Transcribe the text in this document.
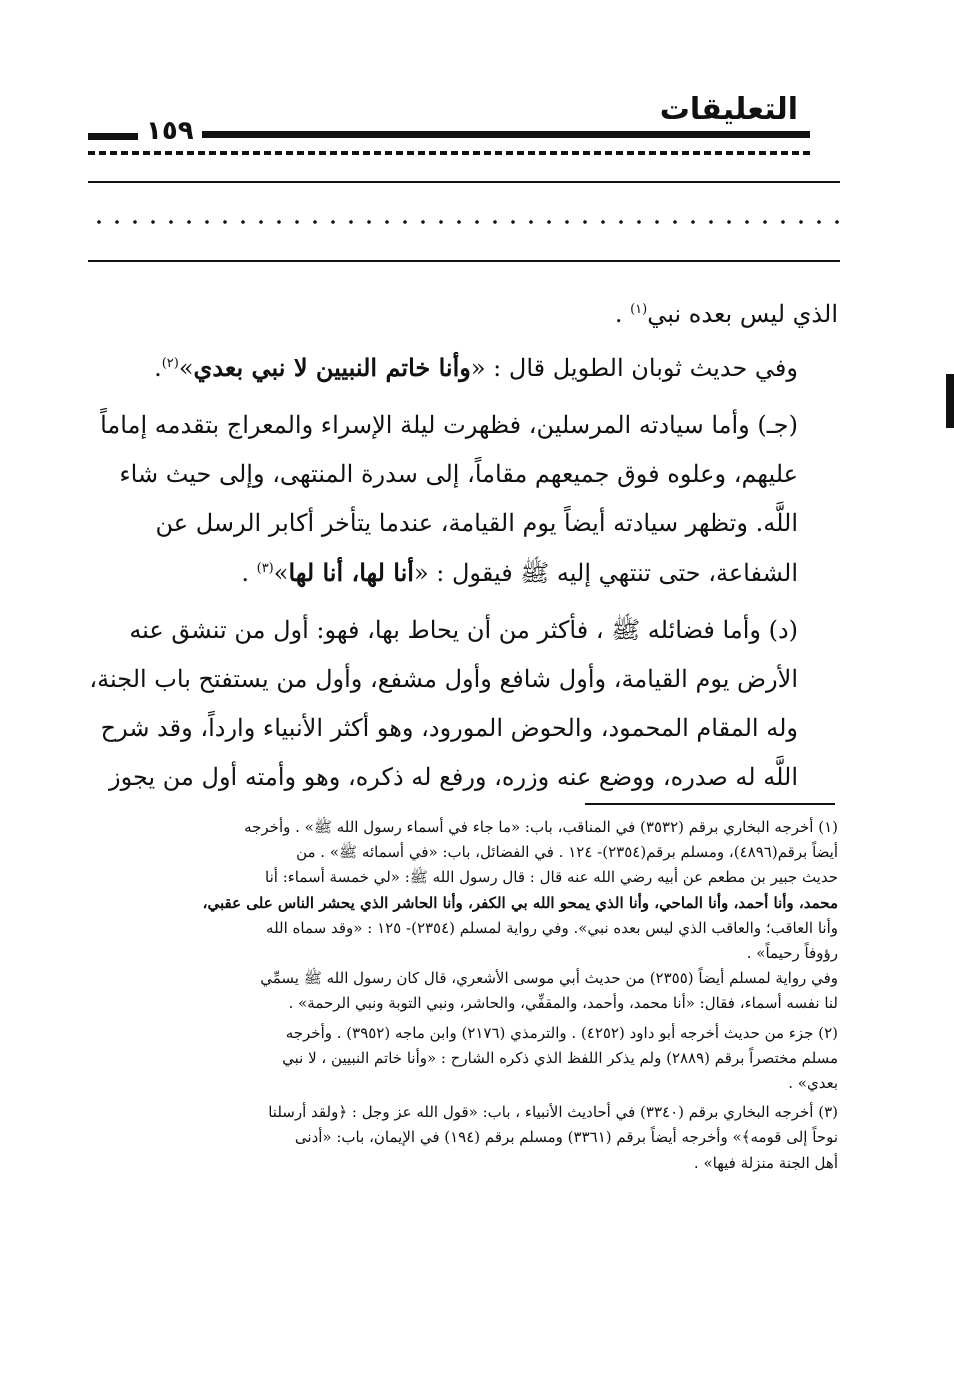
التعليقات
١٥٩

الذي ليس بعده نبي$^{(١)}$ .

وفي حديث ثوبان الطويل قال : «وأنا خاتم النبيين لا نبي بعدي»$^{(٢)}$.

(جـ) وأما سيادته المرسلين، فظهرت ليلة الإسراء والمعراج بتقدمه إماماً
عليهم، وعلوه فوق جميعهم مقاماً، إلى سدرة المنتهى، وإلى حيث شاء
اللَّه. وتظهر سيادته أيضاً يوم القيامة، عندما يتأخر أكابر الرسل عن
الشفاعة، حتى تنتهي إليه ﷺ فيقول : «أنا لها، أنا لها»$^{(٣)}$ .

(د) وأما فضائله ﷺ ، فأكثر من أن يحاط بها، فهو: أول من تنشق عنه
الأرض يوم القيامة، وأول شافع وأول مشفع، وأول من يستفتح باب الجنة،
وله المقام المحمود، والحوض المورود، وهو أكثر الأنبياء وارداً، وقد شرح
اللَّه له صدره، ووضع عنه وزره، ورفع له ذكره، وهو وأمته أول من يجوز

(١) أخرجه البخاري برقم (٣٥٣٢) في المناقب، باب: «ما جاء في أسماء رسول الله ﷺ» . وأخرجه
أيضاً برقم(٤٨٩٦)، ومسلم برقم(٢٣٥٤)- ١٢٤ . في الفضائل، باب: «في أسمائه ﷺ» . من
حديث جبير بن مطعم عن أبيه رضي الله عنه قال : قال رسول الله ﷺ: «لي خمسة أسماء: أنا
محمد، وأنا أحمد، وأنا الماحي، وأنا الذي يمحو الله بي الكفر، وأنا الحاشر الذي يحشر الناس على عقبي،
وأنا العاقب؛ والعاقب الذي ليس بعده نبي». وفي رواية لمسلم (٢٣٥٤)- ١٢٥ : «وقد سماه الله
رؤوفاً رحيماً» .
وفي رواية لمسلم أيضاً (٢٣٥٥) من حديث أبي موسى الأشعري، قال كان رسول الله ﷺ يسمِّي
لنا نفسه أسماء، فقال: «أنا محمد، وأحمد، والمقفِّي، والحاشر، ونبي التوبة ونبي الرحمة» .

(٢) جزء من حديث أخرجه أبو داود (٤٢٥٢) . والترمذي (٢١٧٦) وابن ماجه (٣٩٥٢) . وأخرجه
مسلم مختصراً برقم (٢٨٨٩) ولم يذكر اللفظ الذي ذكره الشارح : «وأنا خاتم النبيين ، لا نبي
بعدي» .

(٣) أخرجه البخاري برقم (٣٣٤٠) في أحاديث الأنبياء ، باب: «قول الله عز وجل : ﴿ولقد أرسلنا
نوحاً إلى قومه﴾» وأخرجه أيضاً برقم (٣٣٦١) ومسلم برقم (١٩٤) في الإيمان، باب: «أدنى
أهل الجنة منزلة فيها» .
